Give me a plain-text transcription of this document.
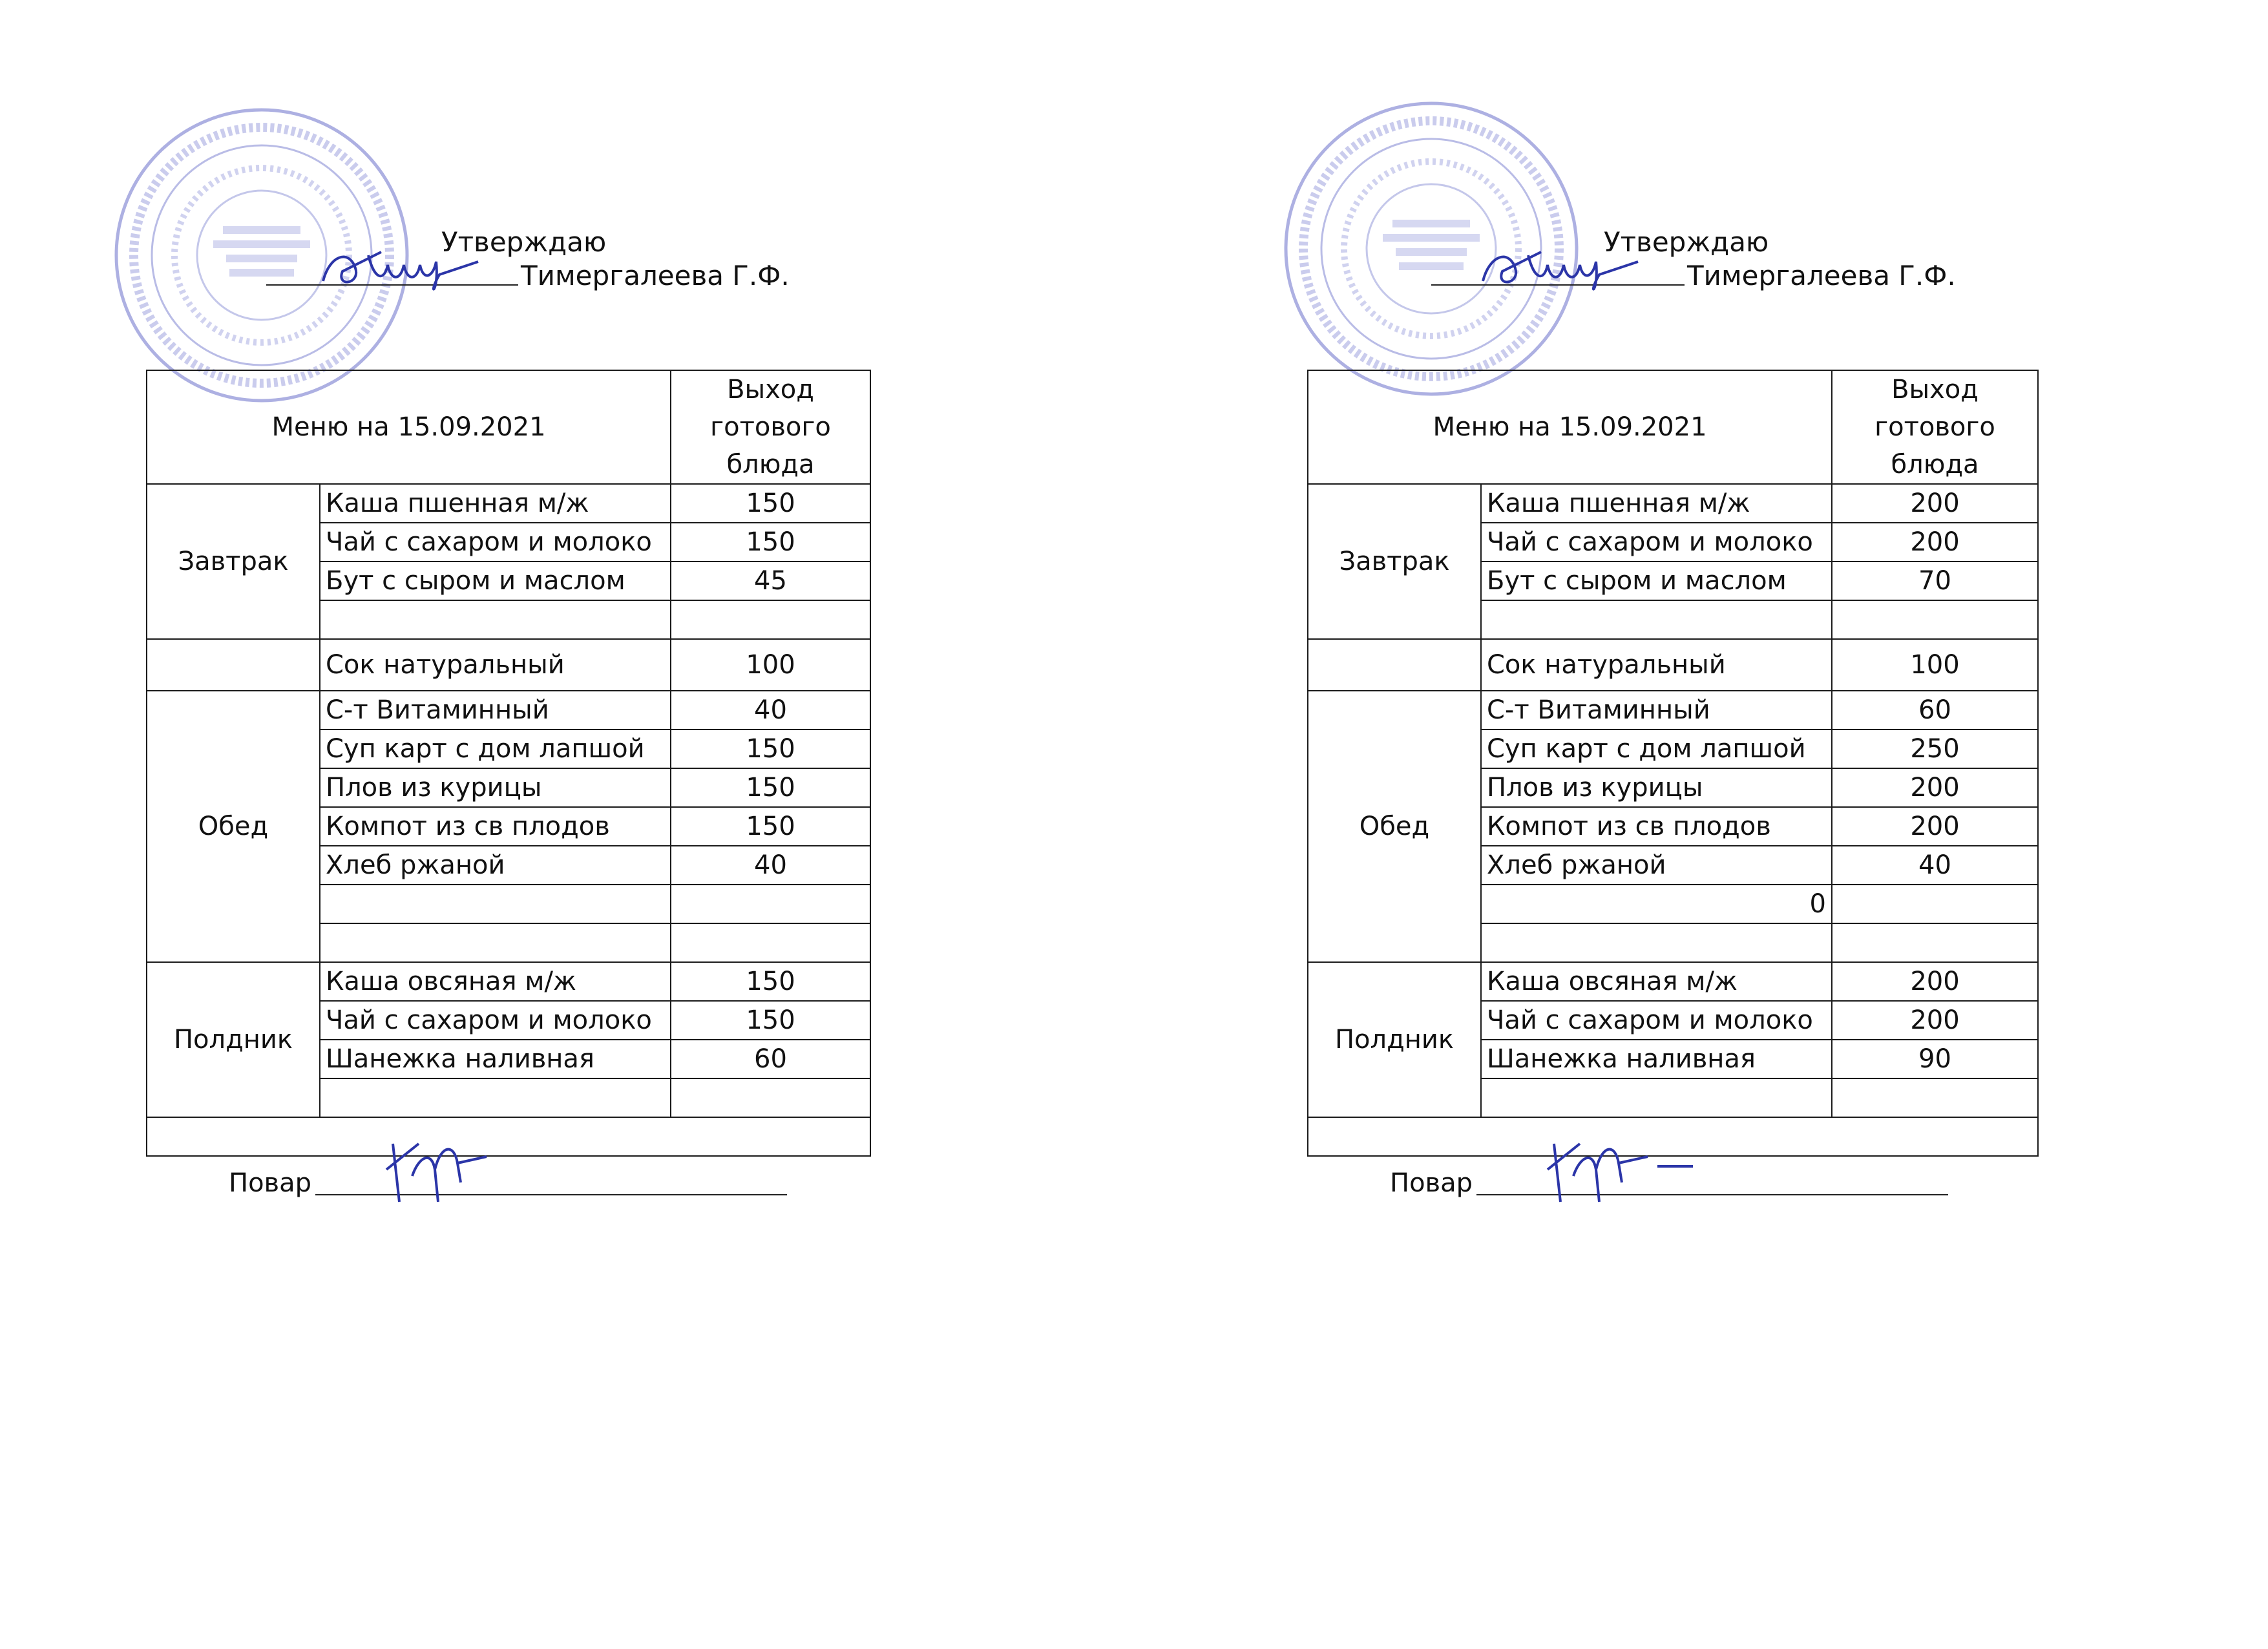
Утверждаю
Тимергалеева Г.Ф.
Меню на 15.09.2021		Выход готового блюда
Завтрак	Каша пшенная м/ж	150
	Чай с сахаром и молоко	150
	Бут с сыром и маслом	45

	Сок натуральный	100
Обед	С-т Витаминный	40
	Суп карт с дом лапшой	150
	Плов из курицы	150
	Компот из св плодов	150
	Хлеб ржаной	40

Полдник	Каша овсяная м/ж	150
	Чай с сахаром и молоко	150
	Шанежка наливная	60

Повар		
Утверждаю
Тимергалеева Г.Ф.
Меню на 15.09.2021		Выход готового блюда
Завтрак	Каша пшенная м/ж	200
	Чай с сахаром и молоко	200
	Бут с сыром и маслом	70

	Сок натуральный	100
Обед	С-т Витаминный	60
	Суп карт с дом лапшой	250
	Плов из курицы	200
	Компот из св плодов	200
	Хлеб ржаной	40
	0	

Полдник	Каша овсяная м/ж	200
	Чай с сахаром и молоко	200
	Шанежка наливная	90

Повар		
